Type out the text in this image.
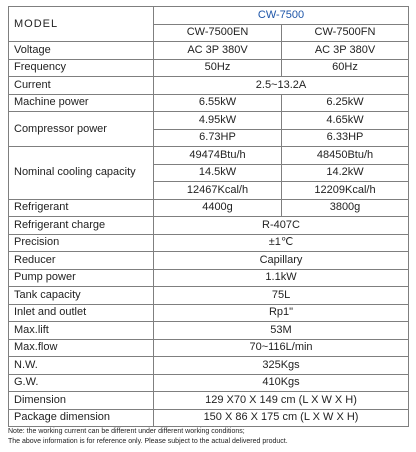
MODEL	CW-7500	
	CW-7500EN	CW-7500FN
Voltage	AC 3P 380V	AC 3P 380V
Frequency	50Hz	60Hz
Current	2.5~13.2A	
Machine power	6.55kW	6.25kW
Compressor power	4.95kW	4.65kW
	6.73HP	6.33HP
Nominal cooling capacity	49474Btu/h	48450Btu/h
	14.5kW	14.2kW
	12467Kcal/h	12209Kcal/h
Refrigerant	4400g	3800g
Refrigerant charge	R-407C	
Precision	±1℃	
Reducer	Capillary	
Pump power	1.1kW	
Tank capacity	75L	
Inlet and outlet	Rp1"	
Max.lift	53M	
Max.flow	70~116L/min	
N.W.	325Kgs	
G.W.	410Kgs	
Dimension	129 X70 X 149 cm (L X W X H)	
Package dimension	150 X 86 X 175 cm (L X W X H)	
Note: the working current can be different under different working conditions;
The above information is for reference only. Please subject to the actual delivered product.
